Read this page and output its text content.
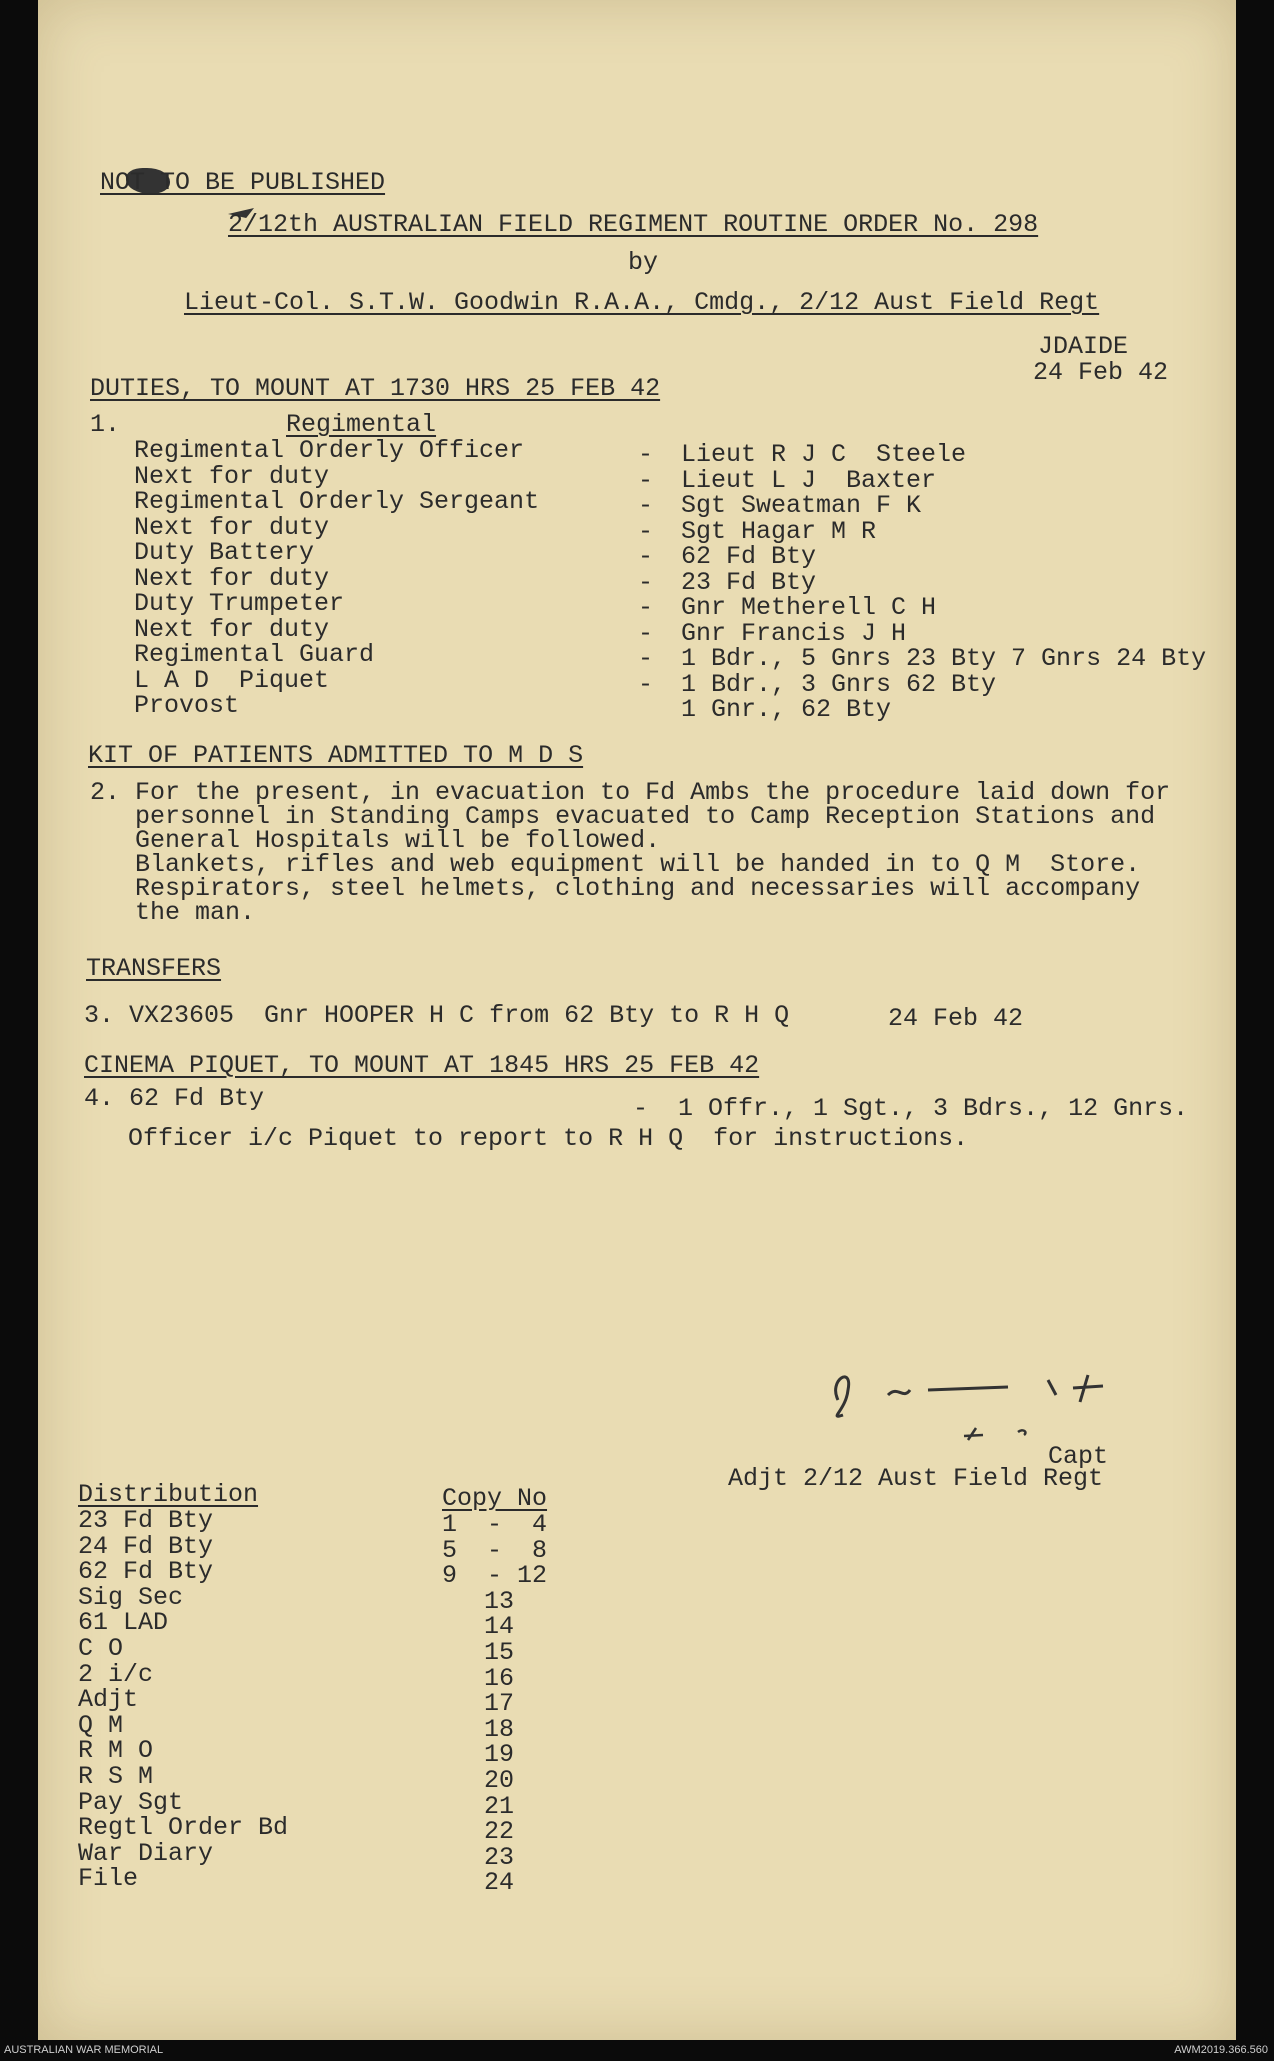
NOT TO BE PUBLISHED
2/12th AUSTRALIAN FIELD REGIMENT ROUTINE ORDER No. 298
by
Lieut-Col. S.T.W. Goodwin R.A.A., Cmdg., 2/12 Aust Field Regt
JDAIDE
24 Feb 42
DUTIES, TO MOUNT AT 1730 HRS 25 FEB 42
1.	Regimental
Regimental Orderly Officer	- Lieut R J C  Steele
Next for duty	- Lieut L J  Baxter
Regimental Orderly Sergeant	- Sgt Sweatman F K
Next for duty	- Sgt Hagar M R
Duty Battery	- 62 Fd Bty
Next for duty	- 23 Fd Bty
Duty Trumpeter	- Gnr Metherell C H
Next for duty	- Gnr Francis J H
Regimental Guard	- 1 Bdr., 5 Gnrs 23 Bty 7 Gnrs 24 Bty
L A D  Piquet	- 1 Bdr., 3 Gnrs 62 Bty
Provost	1 Gnr., 62 Bty
KIT OF PATIENTS ADMITTED TO M D S
2. For the present, in evacuation to Fd Ambs the procedure laid down for
personnel in Standing Camps evacuated to Camp Reception Stations and
General Hospitals will be followed.
Blankets, rifles and web equipment will be handed in to Q M  Store.
Respirators, steel helmets, clothing and necessaries will accompany
the man.
TRANSFERS
3. VX23605  Gnr HOOPER H C from 62 Bty to R H Q	24 Feb 42
CINEMA PIQUET, TO MOUNT AT 1845 HRS 25 FEB 42
4. 62 Fd Bty	-  1 Offr., 1 Sgt., 3 Bdrs., 12 Gnrs.
Officer i/c Piquet to report to R H Q  for instructions.
Capt
Adjt 2/12 Aust Field Regt
Distribution	Copy No
23 Fd Bty	1  -  4
24 Fd Bty	5  -  8
62 Fd Bty	9  - 12
Sig Sec	13
61 LAD	14
C O	15
2 i/c	16
Adjt	17
Q M	18
R M O	19
R S M	20
Pay Sgt	21
Regtl Order Bd	22
War Diary	23
File	24
AUSTRALIAN WAR MEMORIAL	AWM2019.366.560
